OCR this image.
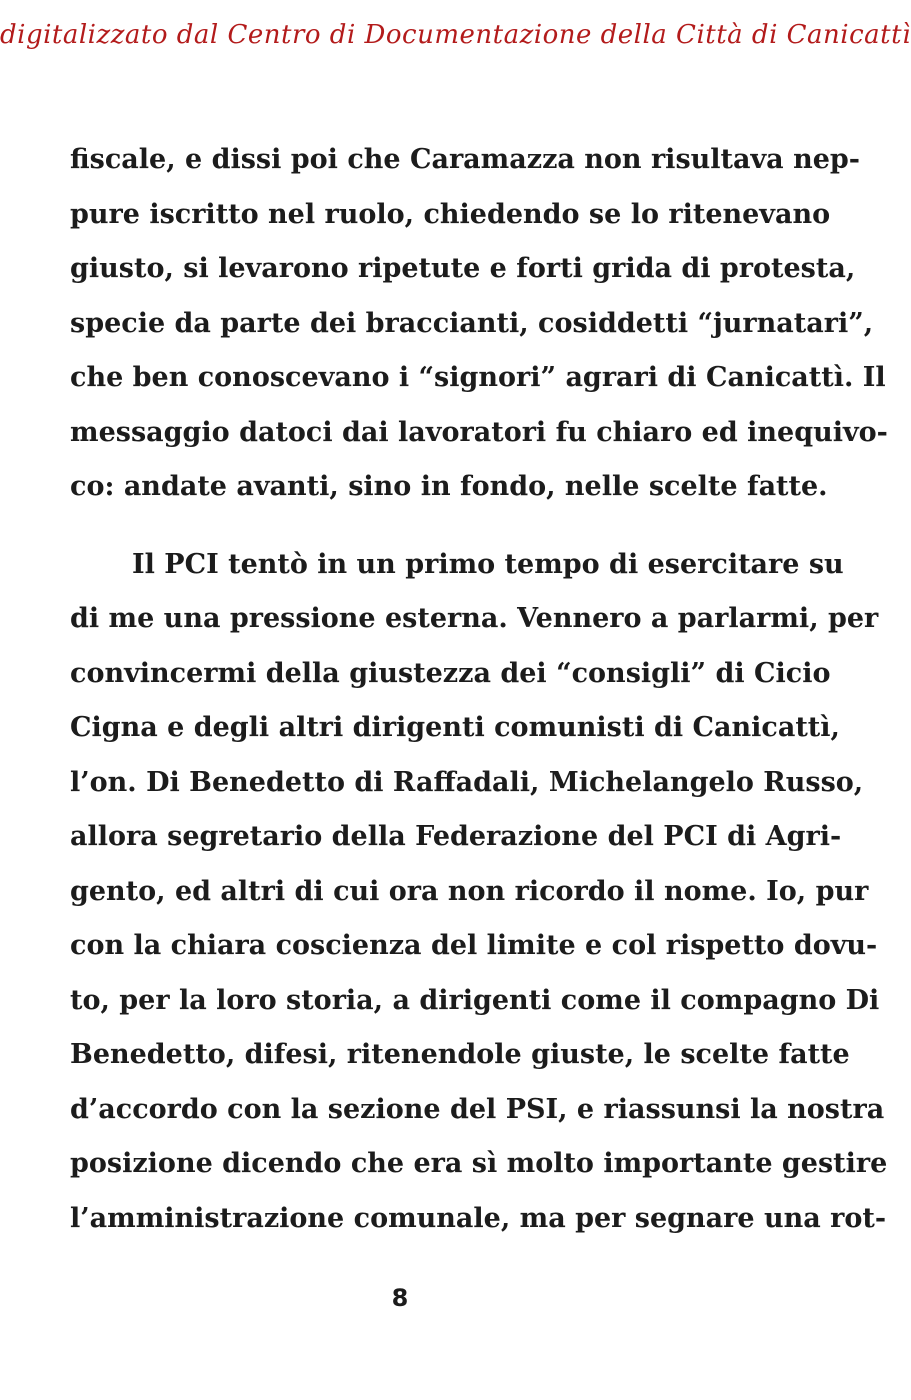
digitalizzato dal Centro di Documentazione della Città di Canicattì
fiscale, e dissi poi che Caramazza non risultava nep-
pure iscritto nel ruolo, chiedendo se lo ritenevano
giusto, si levarono ripetute e forti grida di protesta,
specie da parte dei braccianti, cosiddetti “jurnatari”,
che ben conoscevano i “signori” agrari di Canicattì. Il
messaggio datoci dai lavoratori fu chiaro ed inequivo-
co: andate avanti, sino in fondo, nelle scelte fatte.
Il PCI tentò in un primo tempo di esercitare su
di me una pressione esterna. Vennero a parlarmi, per
convincermi della giustezza dei “consigli” di Cicio
Cigna e degli altri dirigenti comunisti di Canicattì,
l’on. Di Benedetto di Raffadali, Michelangelo Russo,
allora segretario della Federazione del PCI di Agri-
gento, ed altri di cui ora non ricordo il nome. Io, pur
con la chiara coscienza del limite e col rispetto dovu-
to, per la loro storia, a dirigenti come il compagno Di
Benedetto, difesi, ritenendole giuste, le scelte fatte
d’accordo con la sezione del PSI, e riassunsi la nostra
posizione dicendo che era sì molto importante gestire
l’amministrazione comunale, ma per segnare una rot-
8
